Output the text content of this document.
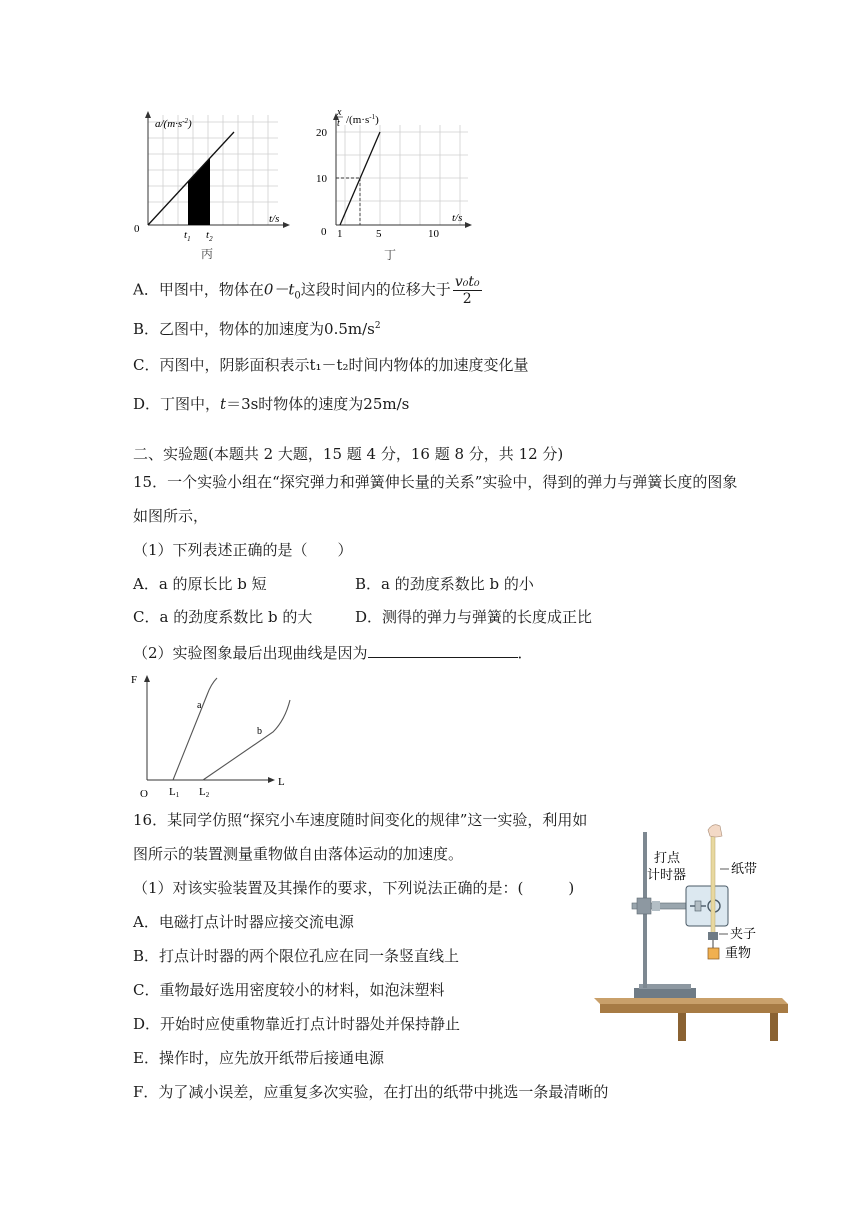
$a/(m\cdot s^{-2})$
t/s
0	$t_1$ $t_2$
丙
x
t $/(m\cdot s^{-1})$
20
10
t/s
0 1	5	10
丁
A．甲图中，物体在$0-t_0$这段时间内的位移大于 $\frac{\text{v₀t₀}}{2}$
B．乙图中，物体的加速度为$0.5m/s^2$
C．丙图中，阴影面积表示t₁－t₂时间内物体的加速度变化量
D．丁图中，t＝3s时物体的速度为25m/s
二、实验题(本题共 2 大题，15 题 4 分，16 题 8 分，共 12 分)
15．一个实验小组在“探究弹力和弹簧伸长量的关系”实验中，得到的弹力与弹簧长度的图象
如图所示，
（1）下列表述正确的是（　　）
A．a 的原长比 b 短	B．a 的劲度系数比 b 的小
C．a 的劲度系数比 b 的大	D．测得的弹力与弹簧的长度成正比
（2）实验图象最后出现曲线是因为	．
F
L
O
a
b
L1 L2
16．某同学仿照“探究小车速度随时间变化的规律”这一实验，利用如
图所示的装置测量重物做自由落体运动的加速度。
（1）对该实验装置及其操作的要求，下列说法正确的是：(　　　)
A．电磁打点计时器应接交流电源
B．打点计时器的两个限位孔应在同一条竖直线上
C．重物最好选用密度较小的材料，如泡沫塑料
D．开始时应使重物靠近打点计时器处并保持静止
E．操作时，应先放开纸带后接通电源
F．为了减小误差，应重复多次实验，在打出的纸带中挑选一条最清晰的
打点
计时器	纸带
夹子
重物
